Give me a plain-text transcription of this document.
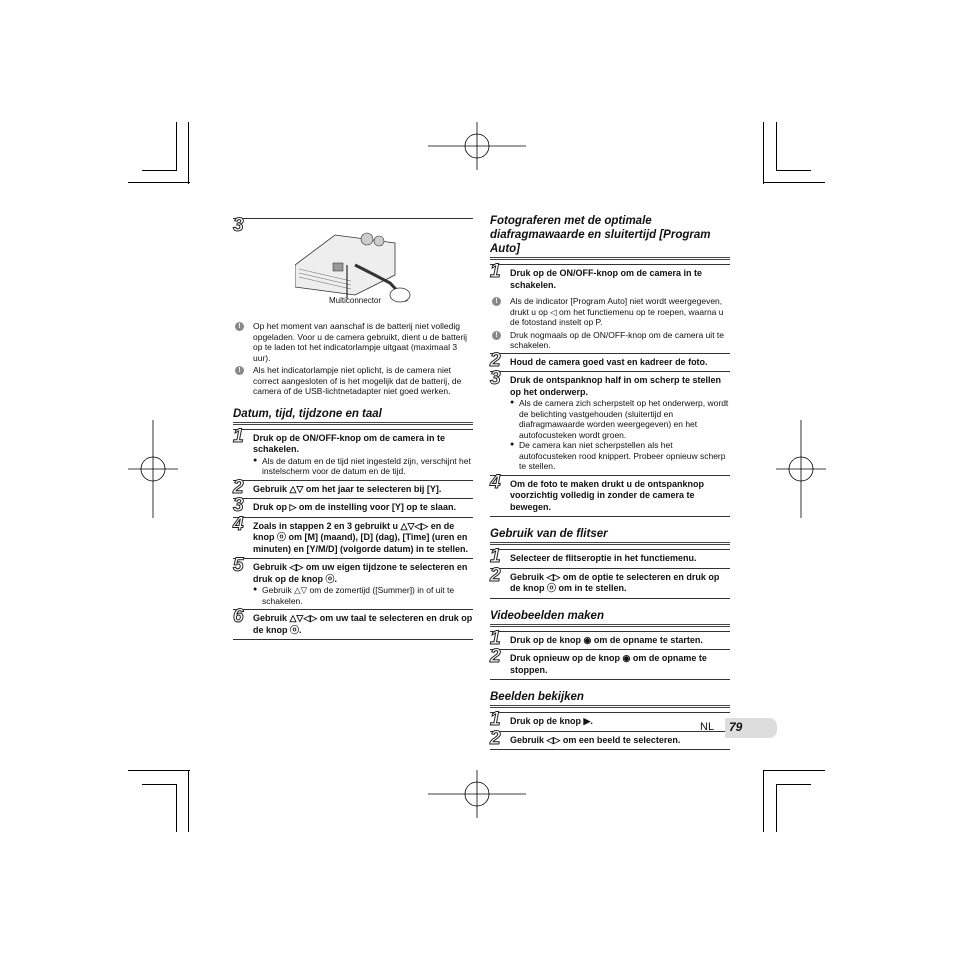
3
Multiconnector
!	Op het moment van aanschaf is de batterij niet volledig opgeladen. Voor u de camera gebruikt, dient u de batterij op te laden tot het indicatorlampje uitgaat (maximaal 3 uur).
!	Als het indicatorlampje niet oplicht, is de camera niet correct aangesloten of is het mogelijk dat de batterij, de camera of de USB-lichtnetadapter niet goed werken.
Datum, tijd, tijdzone en taal
1 Druk op de ON/OFF-knop om de camera in te schakelen.
● Als de datum en de tijd niet ingesteld zijn, verschijnt het instelscherm voor de datum en de tijd.
2 Gebruik △▽ om het jaar te selecteren bij [Y].
3 Druk op ▷ om de instelling voor [Y] op te slaan.
4 Zoals in stappen 2 en 3 gebruikt u △▽◁▷ en de knop ⓞ om [M] (maand), [D] (dag), [Time] (uren en minuten) en [Y/M/D] (volgorde datum) in te stellen.
5 Gebruik ◁▷ om uw eigen tijdzone te selecteren en druk op de knop ⓞ.
● Gebruik △▽ om de zomertijd ([Summer]) in of uit te schakelen.
6 Gebruik △▽◁▷ om uw taal te selecteren en druk op de knop ⓞ.
Fotograferen met de optimale diafragmawaarde en sluitertijd [Program Auto]
1 Druk op de ON/OFF-knop om de camera in te schakelen.
!	Als de indicator [Program Auto] niet wordt weergegeven, drukt u op ◁ om het functiemenu op te roepen, waarna u de fotostand instelt op P.
!	Druk nogmaals op de ON/OFF-knop om de camera uit te schakelen.
2 Houd de camera goed vast en kadreer de foto.
3 Druk de ontspanknop half in om scherp te stellen op het onderwerp.
● Als de camera zich scherpstelt op het onderwerp, wordt de belichting vastgehouden (sluitertijd en diafragmawaarde worden weergegeven) en het autofocusteken wordt groen.
● De camera kan niet scherpstellen als het autofocusteken rood knippert. Probeer opnieuw scherp te stellen.
4 Om de foto te maken drukt u de ontspanknop voorzichtig volledig in zonder de camera te bewegen.
Gebruik van de flitser
1 Selecteer de flitseroptie in het functiemenu.
2 Gebruik ◁▷ om de optie te selecteren en druk op de knop ⓞ om in te stellen.
Videobeelden maken
1 Druk op de knop ◉ om de opname te starten.
2 Druk opnieuw op de knop ◉ om de opname te stoppen.
Beelden bekijken
1 Druk op de knop ▶.
2 Gebruik ◁▷ om een beeld te selecteren.
NL 79
